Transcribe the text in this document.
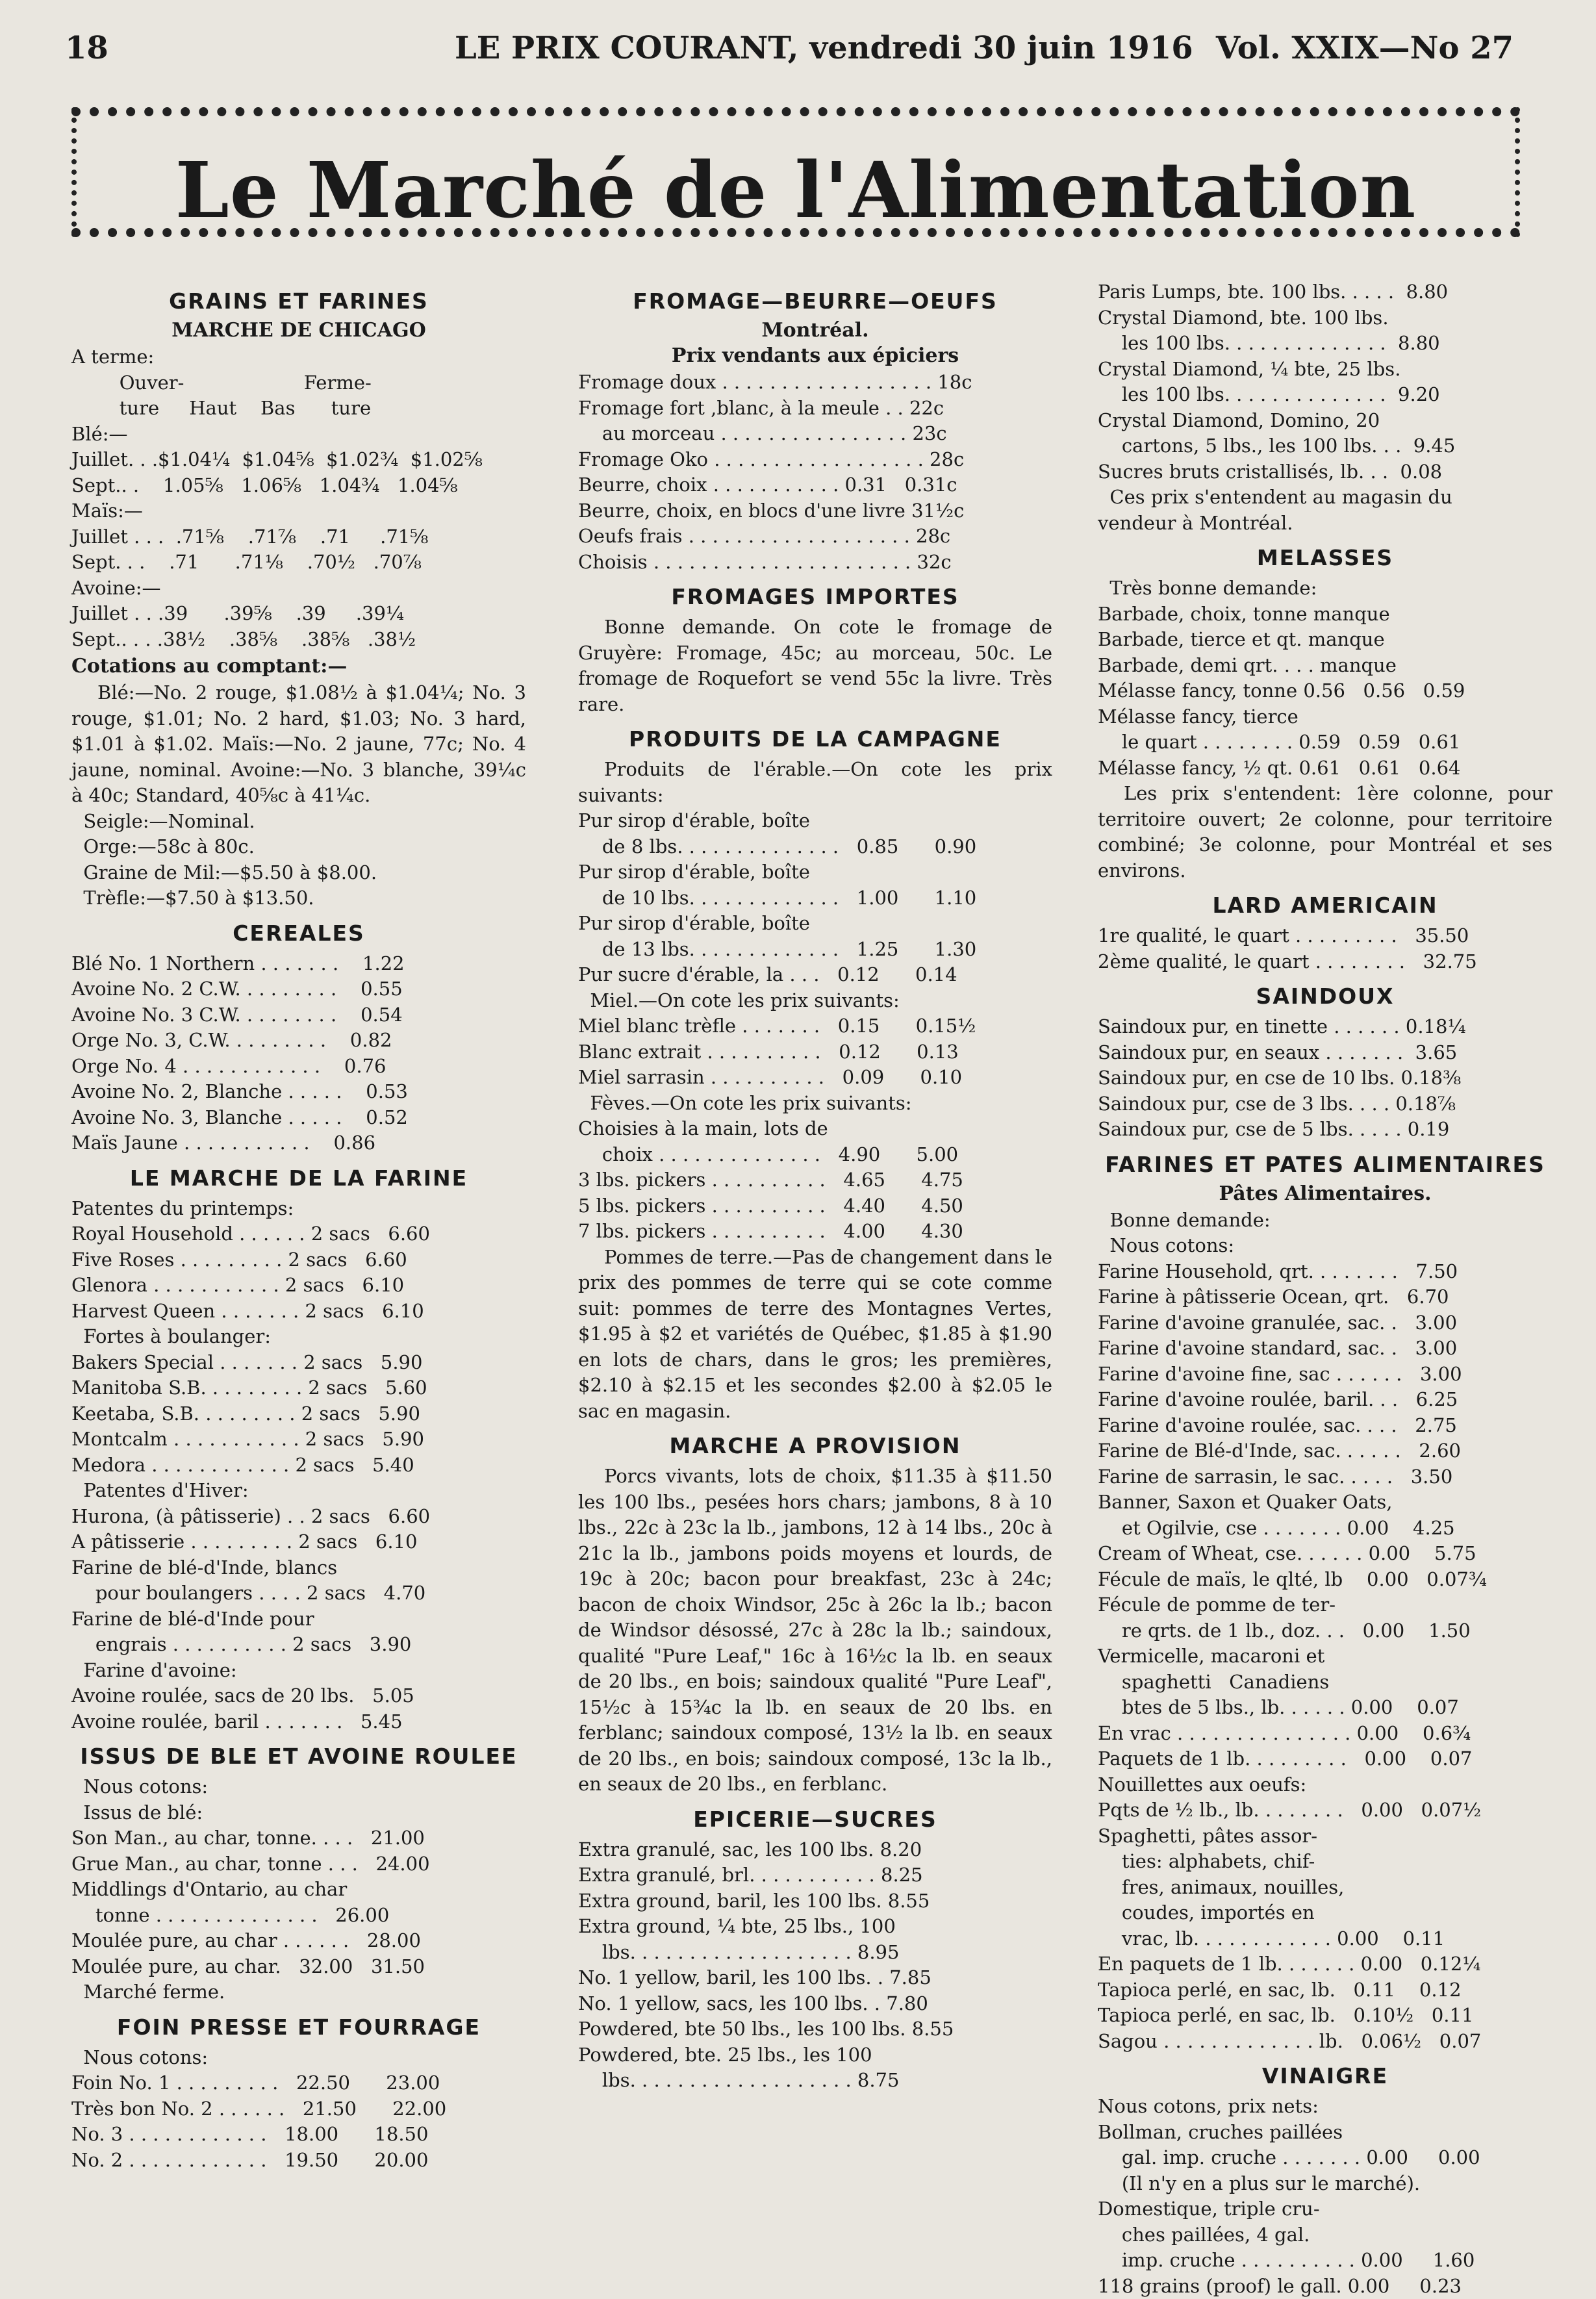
18	LE PRIX COURANT, vendredi 30 juin 1916 Vol. XXIX—No 27
Le Marché de l'Alimentation
GRAINS ET FARINES
MARCHE DE CHICAGO
A terme:
Ouver-                    Ferme-
ture     Haut    Bas      ture
Blé:—
Juillet. . .$1.04¼  $1.04⅝  $1.02¾  $1.02⅝
Sept.. .    1.05⅝   1.06⅝   1.04¾   1.04⅝
Maïs:—
Juillet . . .  .71⅝    .71⅞    .71     .71⅝
Sept. . .    .71      .71⅛    .70½   .70⅞
Avoine:—
Juillet . . .39      .39⅝    .39     .39¼
Sept.. . . .38½    .38⅝    .38⅝   .38½
Cotations au comptant:—
Blé:—No. 2 rouge, $1.08½ à $1.04¼; No. 3 rouge, $1.01; No. 2 hard, $1.03; No. 3 hard, $1.01 à $1.02. Maïs:—No. 2 jaune, 77c; No. 4 jaune, nominal. Avoine:—No. 3 blanche, 39¼c à 40c; Standard, 40⅝c à 41¼c.
Seigle:—Nominal.
Orge:—58c à 80c.
Graine de Mil:—$5.50 à $8.00.
Trèfle:—$7.50 à $13.50.
CEREALES
Blé No. 1 Northern . . . . . . .    1.22
Avoine No. 2 C.W. . . . . . . . .    0.55
Avoine No. 3 C.W. . . . . . . . .    0.54
Orge No. 3, C.W. . . . . . . . .    0.82
Orge No. 4 . . . . . . . . . . . .    0.76
Avoine No. 2, Blanche . . . . .    0.53
Avoine No. 3, Blanche . . . . .    0.52
Maïs Jaune . . . . . . . . . . .    0.86
LE MARCHE DE LA FARINE
Patentes du printemps:
Royal Household . . . . . . 2 sacs   6.60
Five Roses . . . . . . . . . 2 sacs   6.60
Glenora . . . . . . . . . . . 2 sacs   6.10
Harvest Queen . . . . . . . 2 sacs   6.10
Fortes à boulanger:
Bakers Special . . . . . . . 2 sacs   5.90
Manitoba S.B. . . . . . . . . 2 sacs   5.60
Keetaba, S.B. . . . . . . . . 2 sacs   5.90
Montcalm . . . . . . . . . . . 2 sacs   5.90
Medora . . . . . . . . . . . . 2 sacs   5.40
Patentes d'Hiver:
Hurona, (à pâtisserie) . . 2 sacs   6.60
A pâtisserie . . . . . . . . . 2 sacs   6.10
Farine de blé-d'Inde, blancs
pour boulangers . . . . 2 sacs   4.70
Farine de blé-d'Inde pour
engrais . . . . . . . . . . 2 sacs   3.90
Farine d'avoine:
Avoine roulée, sacs de 20 lbs.   5.05
Avoine roulée, baril . . . . . . .   5.45
ISSUS DE BLE ET AVOINE ROULEE
Nous cotons:
Issus de blé:
Son Man., au char, tonne. . . .   21.00
Grue Man., au char, tonne . . .   24.00
Middlings d'Ontario, au char
tonne . . . . . . . . . . . . . .   26.00
Moulée pure, au char . . . . . .   28.00
Moulée pure, au char.   32.00   31.50
Marché ferme.
FOIN PRESSE ET FOURRAGE
Nous cotons:
Foin No. 1 . . . . . . . . .   22.50      23.00
Très bon No. 2 . . . . . .   21.50      22.00
No. 3 . . . . . . . . . . . .   18.00      18.50
No. 2 . . . . . . . . . . . .   19.50      20.00
FROMAGE—BEURRE—OEUFS
Montréal.
Prix vendants aux épiciers
Fromage doux . . . . . . . . . . . . . . . . . . 18c
Fromage fort ,blanc, à la meule . . 22c
au morceau . . . . . . . . . . . . . . . . 23c
Fromage Oko . . . . . . . . . . . . . . . . . . 28c
Beurre, choix . . . . . . . . . . . 0.31   0.31c
Beurre, choix, en blocs d'une livre 31½c
Oeufs frais . . . . . . . . . . . . . . . . . . . 28c
Choisis . . . . . . . . . . . . . . . . . . . . . . 32c
FROMAGES IMPORTES
Bonne demande. On cote le fromage de Gruyère: Fromage, 45c; au morceau, 50c. Le fromage de Roquefort se vend 55c la livre. Très rare.
PRODUITS DE LA CAMPAGNE
Produits de l'érable.—On cote les prix suivants:
Pur sirop d'érable, boîte
de 8 lbs. . . . . . . . . . . . . .   0.85      0.90
Pur sirop d'érable, boîte
de 10 lbs. . . . . . . . . . . . .   1.00      1.10
Pur sirop d'érable, boîte
de 13 lbs. . . . . . . . . . . . .   1.25      1.30
Pur sucre d'érable, la . . .   0.12      0.14
Miel.—On cote les prix suivants:
Miel blanc trèfle . . . . . . .   0.15      0.15½
Blanc extrait . . . . . . . . . .   0.12      0.13
Miel sarrasin . . . . . . . . . .   0.09      0.10
Fèves.—On cote les prix suivants:
Choisies à la main, lots de
choix . . . . . . . . . . . . . .   4.90      5.00
3 lbs. pickers . . . . . . . . . .   4.65      4.75
5 lbs. pickers . . . . . . . . . .   4.40      4.50
7 lbs. pickers . . . . . . . . . .   4.00      4.30
Pommes de terre.—Pas de changement dans le prix des pommes de terre qui se cote comme suit: pommes de terre des Montagnes Vertes, $1.95 à $2 et variétés de Québec, $1.85 à $1.90 en lots de chars, dans le gros; les premières, $2.10 à $2.15 et les secondes $2.00 à $2.05 le sac en magasin.
MARCHE A PROVISION
Porcs vivants, lots de choix, $11.35 à $11.50 les 100 lbs., pesées hors chars; jambons, 8 à 10 lbs., 22c à 23c la lb., jambons, 12 à 14 lbs., 20c à 21c la lb., jambons poids moyens et lourds, de 19c à 20c; bacon pour breakfast, 23c à 24c; bacon de choix Windsor, 25c à 26c la lb.; bacon de Windsor désossé, 27c à 28c la lb.; saindoux, qualité "Pure Leaf," 16c à 16½c la lb. en seaux de 20 lbs., en bois; saindoux qualité "Pure Leaf", 15½c à 15¾c la lb. en seaux de 20 lbs. en ferblanc; saindoux composé, 13½ la lb. en seaux de 20 lbs., en bois; saindoux composé, 13c la lb., en seaux de 20 lbs., en ferblanc.
EPICERIE—SUCRES
Extra granulé, sac, les 100 lbs. 8.20
Extra granulé, brl. . . . . . . . . . . 8.25
Extra ground, baril, les 100 lbs. 8.55
Extra ground, ¼ bte, 25 lbs., 100
lbs. . . . . . . . . . . . . . . . . . . 8.95
No. 1 yellow, baril, les 100 lbs. . 7.85
No. 1 yellow, sacs, les 100 lbs. . 7.80
Powdered, bte 50 lbs., les 100 lbs. 8.55
Powdered, bte. 25 lbs., les 100
lbs. . . . . . . . . . . . . . . . . . . 8.75
Paris Lumps, bte. 100 lbs. . . . .  8.80
Crystal Diamond, bte. 100 lbs.
les 100 lbs. . . . . . . . . . . . . .  8.80
Crystal Diamond, ¼ bte, 25 lbs.
les 100 lbs. . . . . . . . . . . . . .  9.20
Crystal Diamond, Domino, 20
cartons, 5 lbs., les 100 lbs. . .  9.45
Sucres bruts cristallisés, lb. . .  0.08
Ces prix s'entendent au magasin du
vendeur à Montréal.
MELASSES
Très bonne demande:
Barbade, choix, tonne manque
Barbade, tierce et qt. manque
Barbade, demi qrt. . . . manque
Mélasse fancy, tonne 0.56   0.56   0.59
Mélasse fancy, tierce
le quart . . . . . . . . 0.59   0.59   0.61
Mélasse fancy, ½ qt. 0.61   0.61   0.64
Les prix s'entendent: 1ère colonne, pour territoire ouvert; 2e colonne, pour territoire combiné; 3e colonne, pour Montréal et ses environs.
LARD AMERICAIN
1re qualité, le quart . . . . . . . . .   35.50
2ème qualité, le quart . . . . . . . .   32.75
SAINDOUX
Saindoux pur, en tinette . . . . . . 0.18¼
Saindoux pur, en seaux . . . . . . .  3.65
Saindoux pur, en cse de 10 lbs. 0.18⅜
Saindoux pur, cse de 3 lbs. . . . 0.18⅞
Saindoux pur, cse de 5 lbs. . . . . 0.19
FARINES ET PATES ALIMENTAIRES
Pâtes Alimentaires.
Bonne demande:
Nous cotons:
Farine Household, qrt. . . . . . . .   7.50
Farine à pâtisserie Ocean, qrt.   6.70
Farine d'avoine granulée, sac. .   3.00
Farine d'avoine standard, sac. .   3.00
Farine d'avoine fine, sac . . . . . .   3.00
Farine d'avoine roulée, baril. . .   6.25
Farine d'avoine roulée, sac. . . .   2.75
Farine de Blé-d'Inde, sac. . . . . .   2.60
Farine de sarrasin, le sac. . . . .   3.50
Banner, Saxon et Quaker Oats,
et Ogilvie, cse . . . . . . . 0.00    4.25
Cream of Wheat, cse. . . . . . 0.00    5.75
Fécule de maïs, le qlté, lb    0.00   0.07¾
Fécule de pomme de ter-
re qrts. de 1 lb., doz. . .   0.00    1.50
Vermicelle, macaroni et
spaghetti   Canadiens
btes de 5 lbs., lb. . . . . . 0.00    0.07
En vrac . . . . . . . . . . . . . . . 0.00    0.6¾
Paquets de 1 lb. . . . . . . . .   0.00    0.07
Nouillettes aux oeufs:
Pqts de ½ lb., lb. . . . . . . .   0.00   0.07½
Spaghetti, pâtes assor-
ties: alphabets, chif-
fres, animaux, nouilles,
coudes, importés en
vrac, lb. . . . . . . . . . . . 0.00    0.11
En paquets de 1 lb. . . . . . . 0.00   0.12¼
Tapioca perlé, en sac, lb.   0.11    0.12
Tapioca perlé, en sac, lb.   0.10½   0.11
Sagou . . . . . . . . . . . . . lb.   0.06½   0.07
VINAIGRE
Nous cotons, prix nets:
Bollman, cruches paillées
gal. imp. cruche . . . . . . . 0.00     0.00
(Il n'y en a plus sur le marché).
Domestique, triple cru-
ches paillées, 4 gal.
imp. cruche . . . . . . . . . . 0.00     1.60
118 grains (proof) le gall. 0.00     0.23
